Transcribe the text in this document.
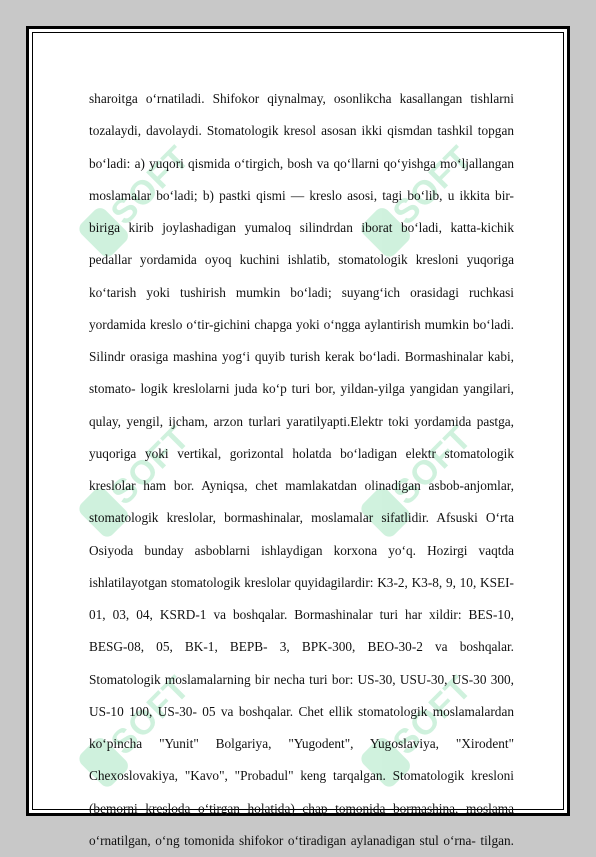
SOFT	SOFT
SOFT	SOFT
SOFT	SOFT

sharoitga o‘rnatiladi. Shifokor qiynalmay, osonlikcha kasallangan tishlarni tozalaydi, davolaydi. Stomatologik kresol asosan ikki qismdan tashkil topgan bo‘ladi: a) yuqori qismida o‘tirgich, bosh va qo‘llarni qo‘yishga mo‘ljallangan moslamalar bo‘ladi; b) pastki qismi — kreslo asosi, tagi bo‘lib, u ikkita bir-biriga kirib joylashadigan yumaloq silindrdan iborat bo‘ladi, katta-kichik pedallar yordamida oyoq kuchini ishlatib, stomatologik kresloni yuqoriga ko‘tarish yoki tushirish mumkin bo‘ladi; suyang‘ich orasidagi ruchkasi yordamida kreslo o‘tir-gichini chapga yoki o‘ngga aylantirish mumkin bo‘ladi. Silindr orasiga mashina yog‘i quyib turish kerak bo‘ladi. Bormashinalar kabi, stomato- logik kreslolarni juda ko‘p turi bor, yildan-yilga yangidan yangilari, qulay, yengil, ijcham, arzon turlari yaratilyapti.Elektr toki yordamida pastga, yuqoriga yoki vertikal, gorizontal holatda bo‘ladigan elektr stomatologik kreslolar ham bor. Ayniqsa, chet mamlakatdan olinadigan asbob-anjomlar, stomatologik kreslolar, bormashinalar, moslamalar sifatlidir. Afsuski O‘rta Osiyoda bunday asboblarni ishlaydigan korxona yo‘q. Hozirgi vaqtda ishlatilayotgan stomatologik kreslolar quyidagilardir: K3-2, K3-8, 9, 10, KSEI-01, 03, 04, KSRD-1 va boshqalar. Bormashinalar turi har xildir: BES-10, BESG-08, 05, BK-1, BEPB- 3, BPK-300, BEO-30-2 va boshqalar. Stomatologik moslamalarning bir necha turi bor: US-30, USU-30, US-30 300, US-10 100, US-30- 05 va boshqalar. Chet ellik stomatologik moslamalardan ko‘pincha "Yunit" Bolgariya, "Yugodent", Yugoslaviya, "Xirodent" Chexoslovakiya, "Kavo", "Probadul" keng tarqalgan. Stomatologik kresloni (bemorni kresloda o‘tirgan holatida) chap tomonida bormashina, moslama o‘rnatilgan, o‘ng tomonida shifokor o‘tiradigan aylanadigan stul o‘rna- tilgan.
